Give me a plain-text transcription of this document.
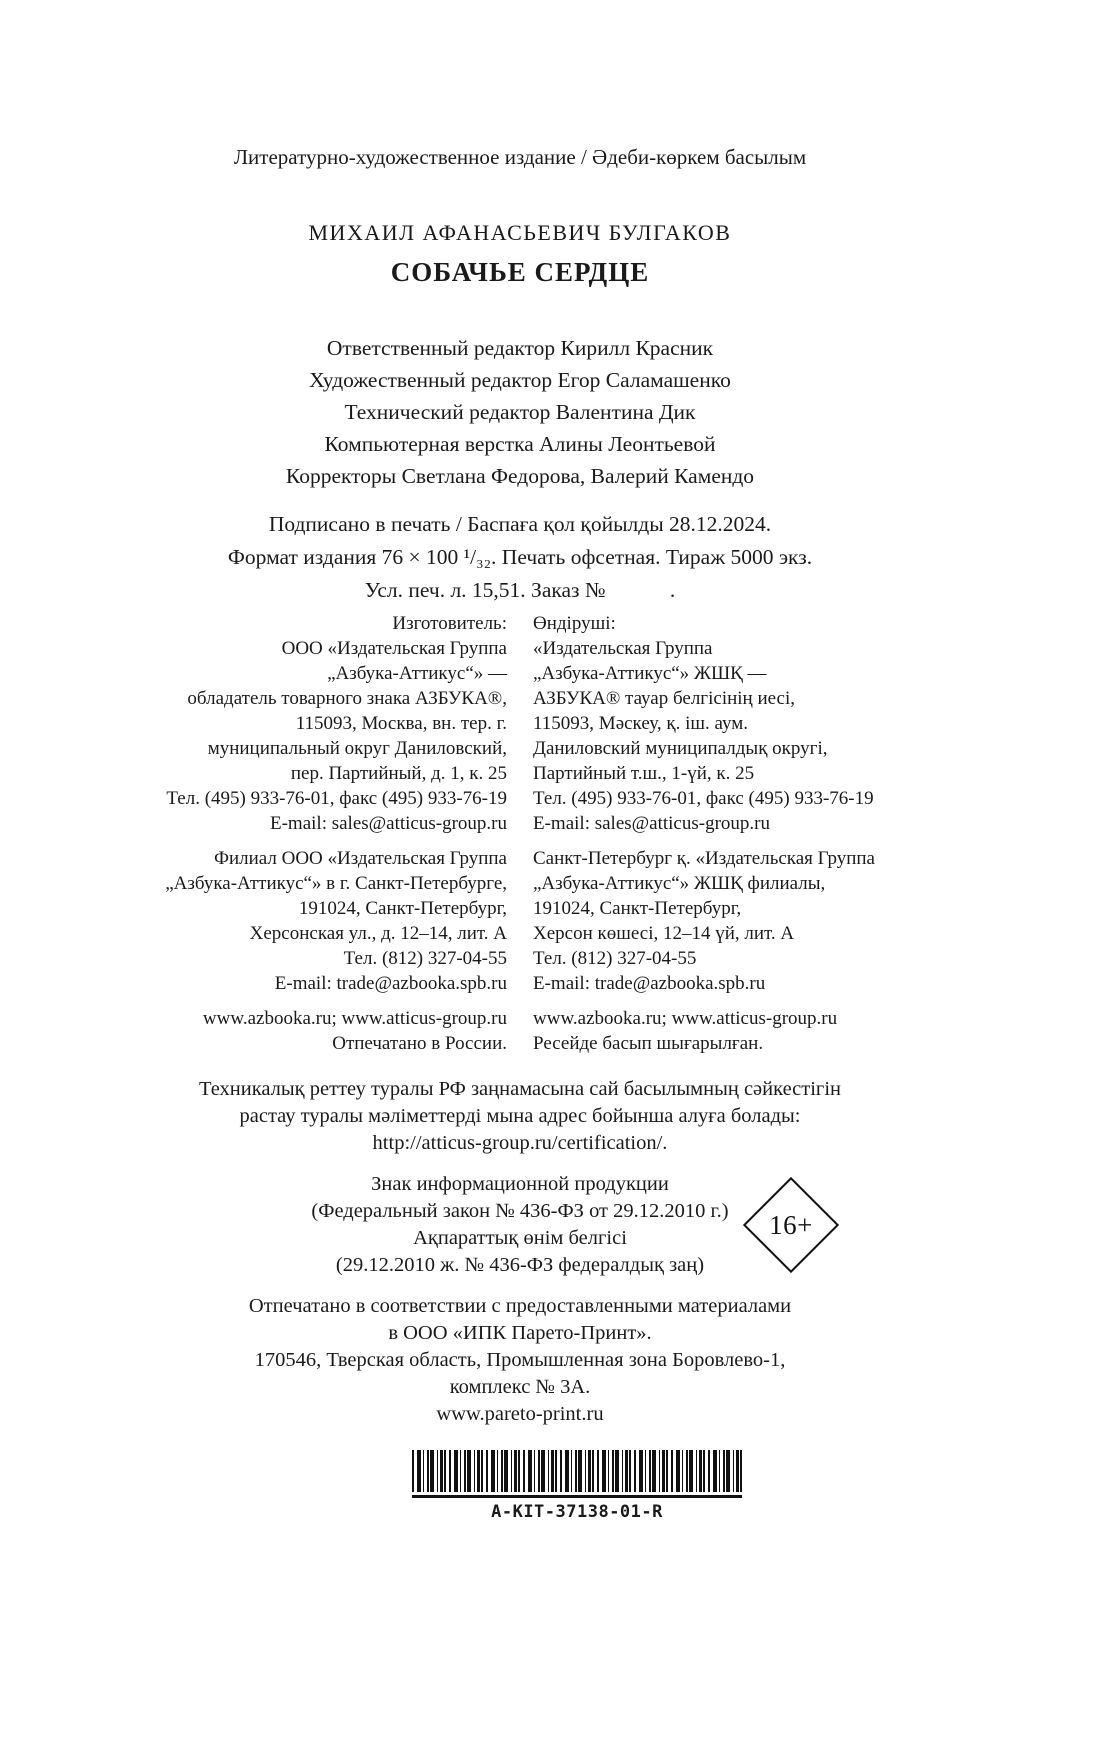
Литературно-художественное издание / Әдеби-көркем басылым
МИХАИЛ АФАНАСЬЕВИЧ БУЛГАКОВ
СОБАЧЬЕ СЕРДЦЕ
Ответственный редактор Кирилл Красник
Художественный редактор Егор Саламашенко
Технический редактор Валентина Дик
Компьютерная верстка Алины Леонтьевой
Корректоры Светлана Федорова, Валерий Камендо
Подписано в печать / Баспаға қол қойылды 28.12.2024.
Формат издания 76 × 100 ¹/₃₂. Печать офсетная. Тираж 5000 экз.
Усл. печ. л. 15,51. Заказ №            .
Изготовитель:
ООО «Издательская Группа
„Азбука-Аттикус“» —
обладатель товарного знака АЗБУКА®,
115093, Москва, вн. тер. г.
муниципальный округ Даниловский,
пер. Партийный, д. 1, к. 25
Тел. (495) 933-76-01, факс (495) 933-76-19
E-mail: sales@atticus-group.ru
Филиал ООО «Издательская Группа
„Азбука-Аттикус“» в г. Санкт-Петербурге,
191024, Санкт-Петербург,
Херсонская ул., д. 12–14, лит. А
Тел. (812) 327-04-55
E-mail: trade@azbooka.spb.ru
www.azbooka.ru; www.atticus-group.ru
Отпечатано в России.
Өндіруші:
«Издательская Группа
„Азбука-Аттикус“» ЖШҚ —
АЗБУКА® тауар белгісінің иесі,
115093, Мәскеу, қ. іш. аум.
Даниловский муниципалдық округі,
Партийный т.ш., 1-үй, к. 25
Тел. (495) 933-76-01, факс (495) 933-76-19
E-mail: sales@atticus-group.ru
Санкт-Петербург қ. «Издательская Группа
„Азбука-Аттикус“» ЖШҚ филиалы,
191024, Санкт-Петербург,
Херсон көшесі, 12–14 үй, лит. А
Тел. (812) 327-04-55
E-mail: trade@azbooka.spb.ru
www.azbooka.ru; www.atticus-group.ru
Ресейде басып шығарылған.
Техникалық реттеу туралы РФ заңнамасына сай басылымның сәйкестігін
растау туралы мәліметтерді мына адрес бойынша алуға болады:
http://atticus-group.ru/certification/.
Знак информационной продукции
(Федеральный закон № 436-ФЗ от 29.12.2010 г.)
Ақпараттық өнім белгісі
(29.12.2010 ж. № 436-ФЗ федералдық заң)
16+
Отпечатано в соответствии с предоставленными материалами
в ООО «ИПК Парето-Принт».
170546, Тверская область, Промышленная зона Боровлево-1,
комплекс № 3А.
www.pareto-print.ru
A-KIT-37138-01-R
